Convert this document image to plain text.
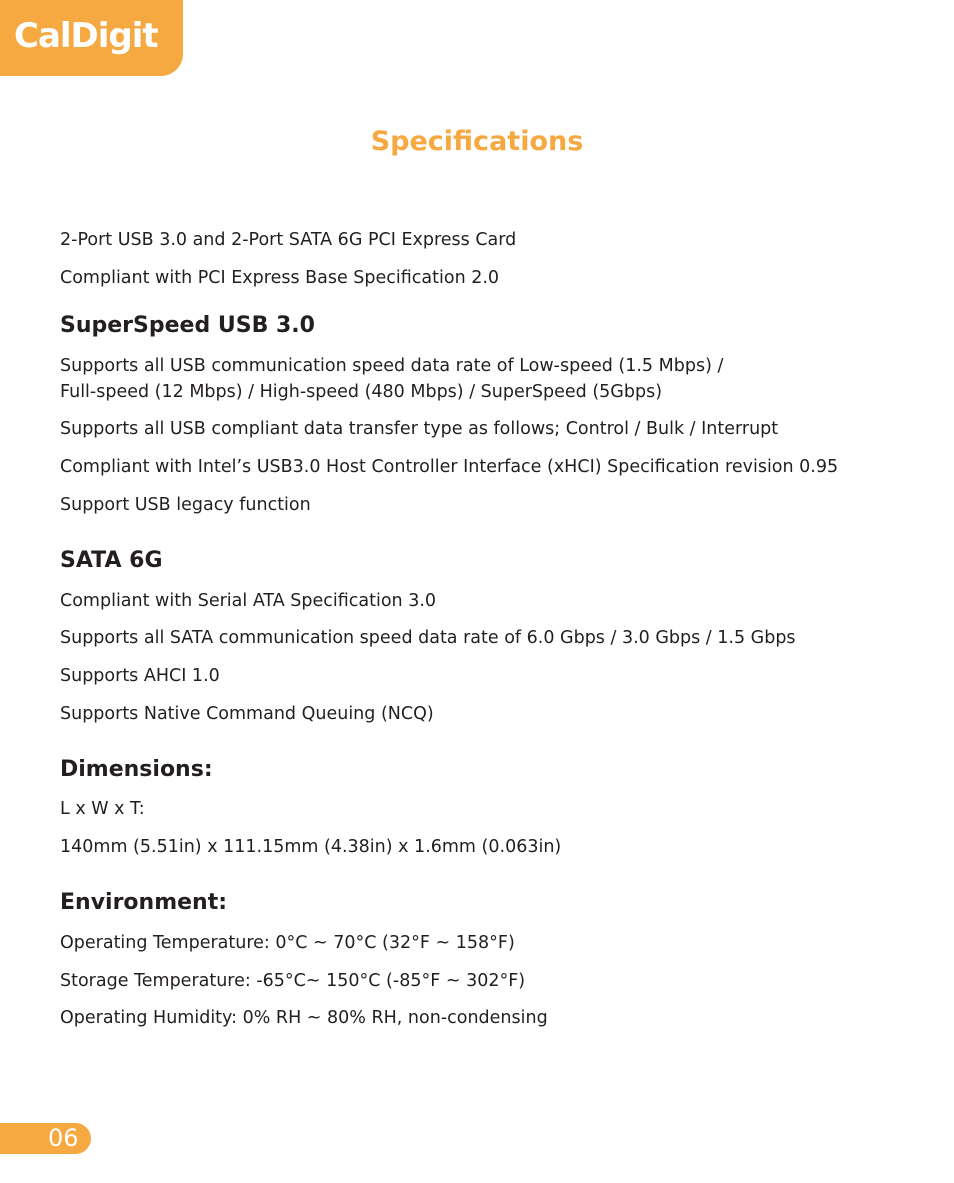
CalDigit
Specifications
2-Port USB 3.0 and 2-Port SATA 6G PCI Express Card
Compliant with PCI Express Base Specification 2.0
SuperSpeed USB 3.0
Supports all USB communication speed data rate of Low-speed (1.5 Mbps) /
Full-speed (12 Mbps) / High-speed (480 Mbps) / SuperSpeed (5Gbps)
Supports all USB compliant data transfer type as follows; Control / Bulk / Interrupt
Compliant with Intel’s USB3.0 Host Controller Interface (xHCI) Specification revision 0.95
Support USB legacy function
SATA 6G
Compliant with Serial ATA Specification 3.0
Supports all SATA communication speed data rate of 6.0 Gbps / 3.0 Gbps / 1.5 Gbps
Supports AHCI 1.0
Supports Native Command Queuing (NCQ)
Dimensions:
L x W x T:
140mm (5.51in) x 111.15mm (4.38in) x 1.6mm (0.063in)
Environment:
Operating Temperature: 0°C ~ 70°C (32°F ~ 158°F)
Storage Temperature: -65°C~ 150°C (-85°F ~ 302°F)
Operating Humidity: 0% RH ~ 80% RH, non-condensing
06
